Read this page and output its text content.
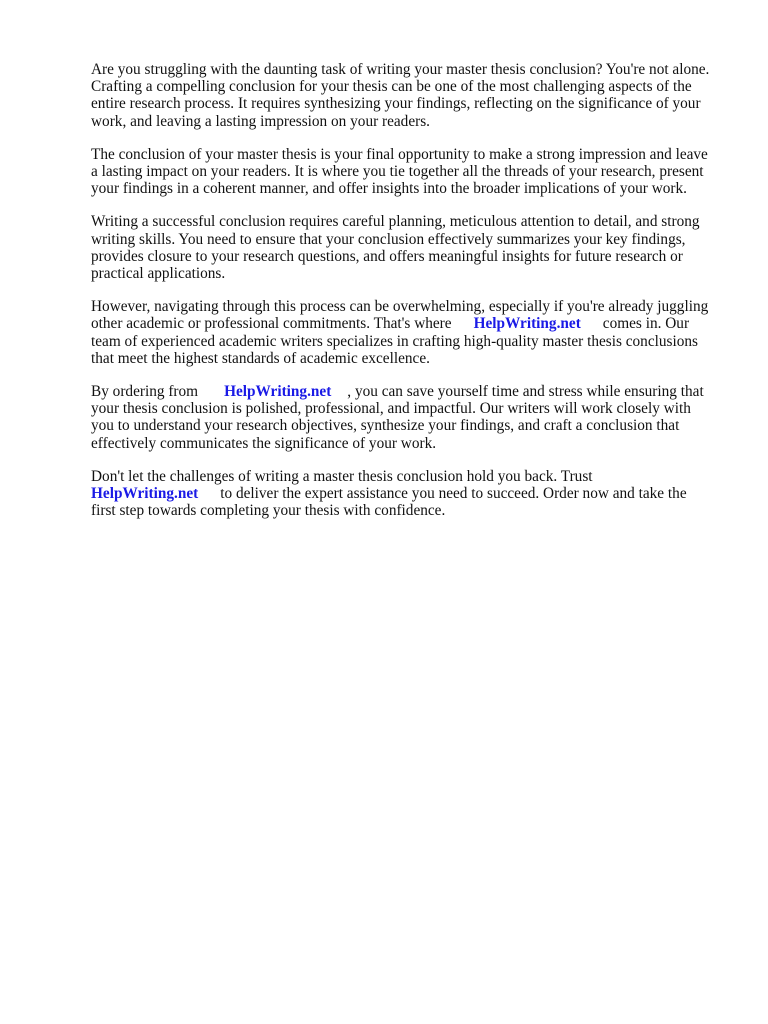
Are you struggling with the daunting task of writing your master thesis conclusion? You're not alone.
Crafting a compelling conclusion for your thesis can be one of the most challenging aspects of the
entire research process. It requires synthesizing your findings, reflecting on the significance of your
work, and leaving a lasting impression on your readers.

The conclusion of your master thesis is your final opportunity to make a strong impression and leave
a lasting impact on your readers. It is where you tie together all the threads of your research, present
your findings in a coherent manner, and offer insights into the broader implications of your work.

Writing a successful conclusion requires careful planning, meticulous attention to detail, and strong
writing skills. You need to ensure that your conclusion effectively summarizes your key findings,
provides closure to your research questions, and offers meaningful insights for future research or
practical applications.

However, navigating through this process can be overwhelming, especially if you're already juggling
other academic or professional commitments. That's where HelpWriting.net comes in. Our
team of experienced academic writers specializes in crafting high-quality master thesis conclusions
that meet the highest standards of academic excellence.

By ordering from HelpWriting.net , you can save yourself time and stress while ensuring that
your thesis conclusion is polished, professional, and impactful. Our writers will work closely with
you to understand your research objectives, synthesize your findings, and craft a conclusion that
effectively communicates the significance of your work.

Don't let the challenges of writing a master thesis conclusion hold you back. Trust
HelpWriting.net to deliver the expert assistance you need to succeed. Order now and take the
first step towards completing your thesis with confidence.
